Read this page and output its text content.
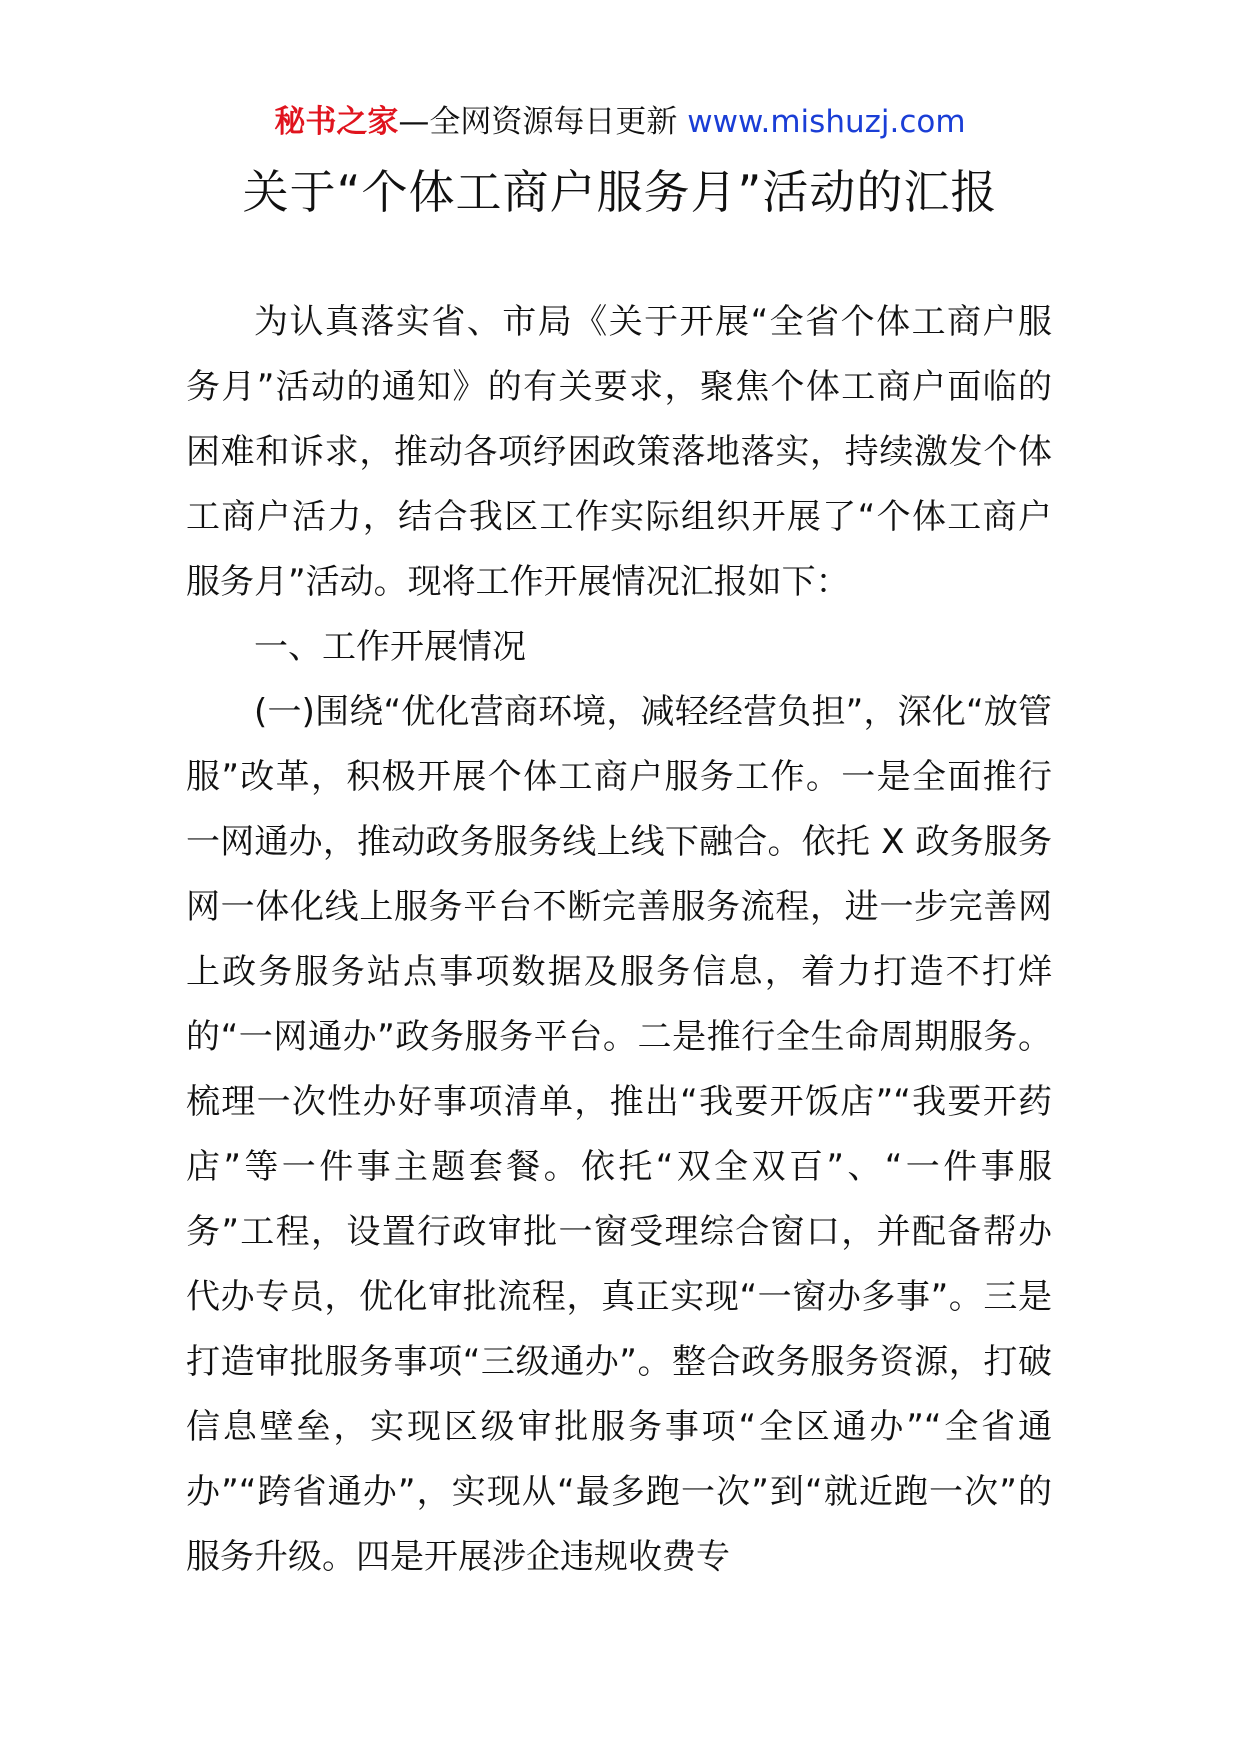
秘书之家—全网资源每日更新 www.mishuzj.com
关于“个体工商户服务月”活动的汇报

为认真落实省、市局《关于开展“全省个体工商户服务月”活动的通知》的有关要求，聚焦个体工商户面临的困难和诉求，推动各项纾困政策落地落实，持续激发个体工商户活力，结合我区工作实际组织开展了“个体工商户服务月”活动。现将工作开展情况汇报如下：

一、工作开展情况

(一)围绕“优化营商环境，减轻经营负担”，深化“放管服”改革，积极开展个体工商户服务工作。一是全面推行一网通办，推动政务服务线上线下融合。依托 X 政务服务网一体化线上服务平台不断完善服务流程，进一步完善网上政务服务站点事项数据及服务信息，着力打造不打烊的“一网通办”政务服务平台。二是推行全生命周期服务。梳理一次性办好事项清单，推出“我要开饭店”“我要开药店”等一件事主题套餐。依托“双全双百”、“一件事服务”工程，设置行政审批一窗受理综合窗口，并配备帮办代办专员，优化审批流程，真正实现“一窗办多事”。三是打造审批服务事项“三级通办”。整合政务服务资源，打破信息壁垒，实现区级审批服务事项“全区通办”“全省通办”“跨省通办”，实现从“最多跑一次”到“就近跑一次”的服务升级。四是开展涉企违规收费专
